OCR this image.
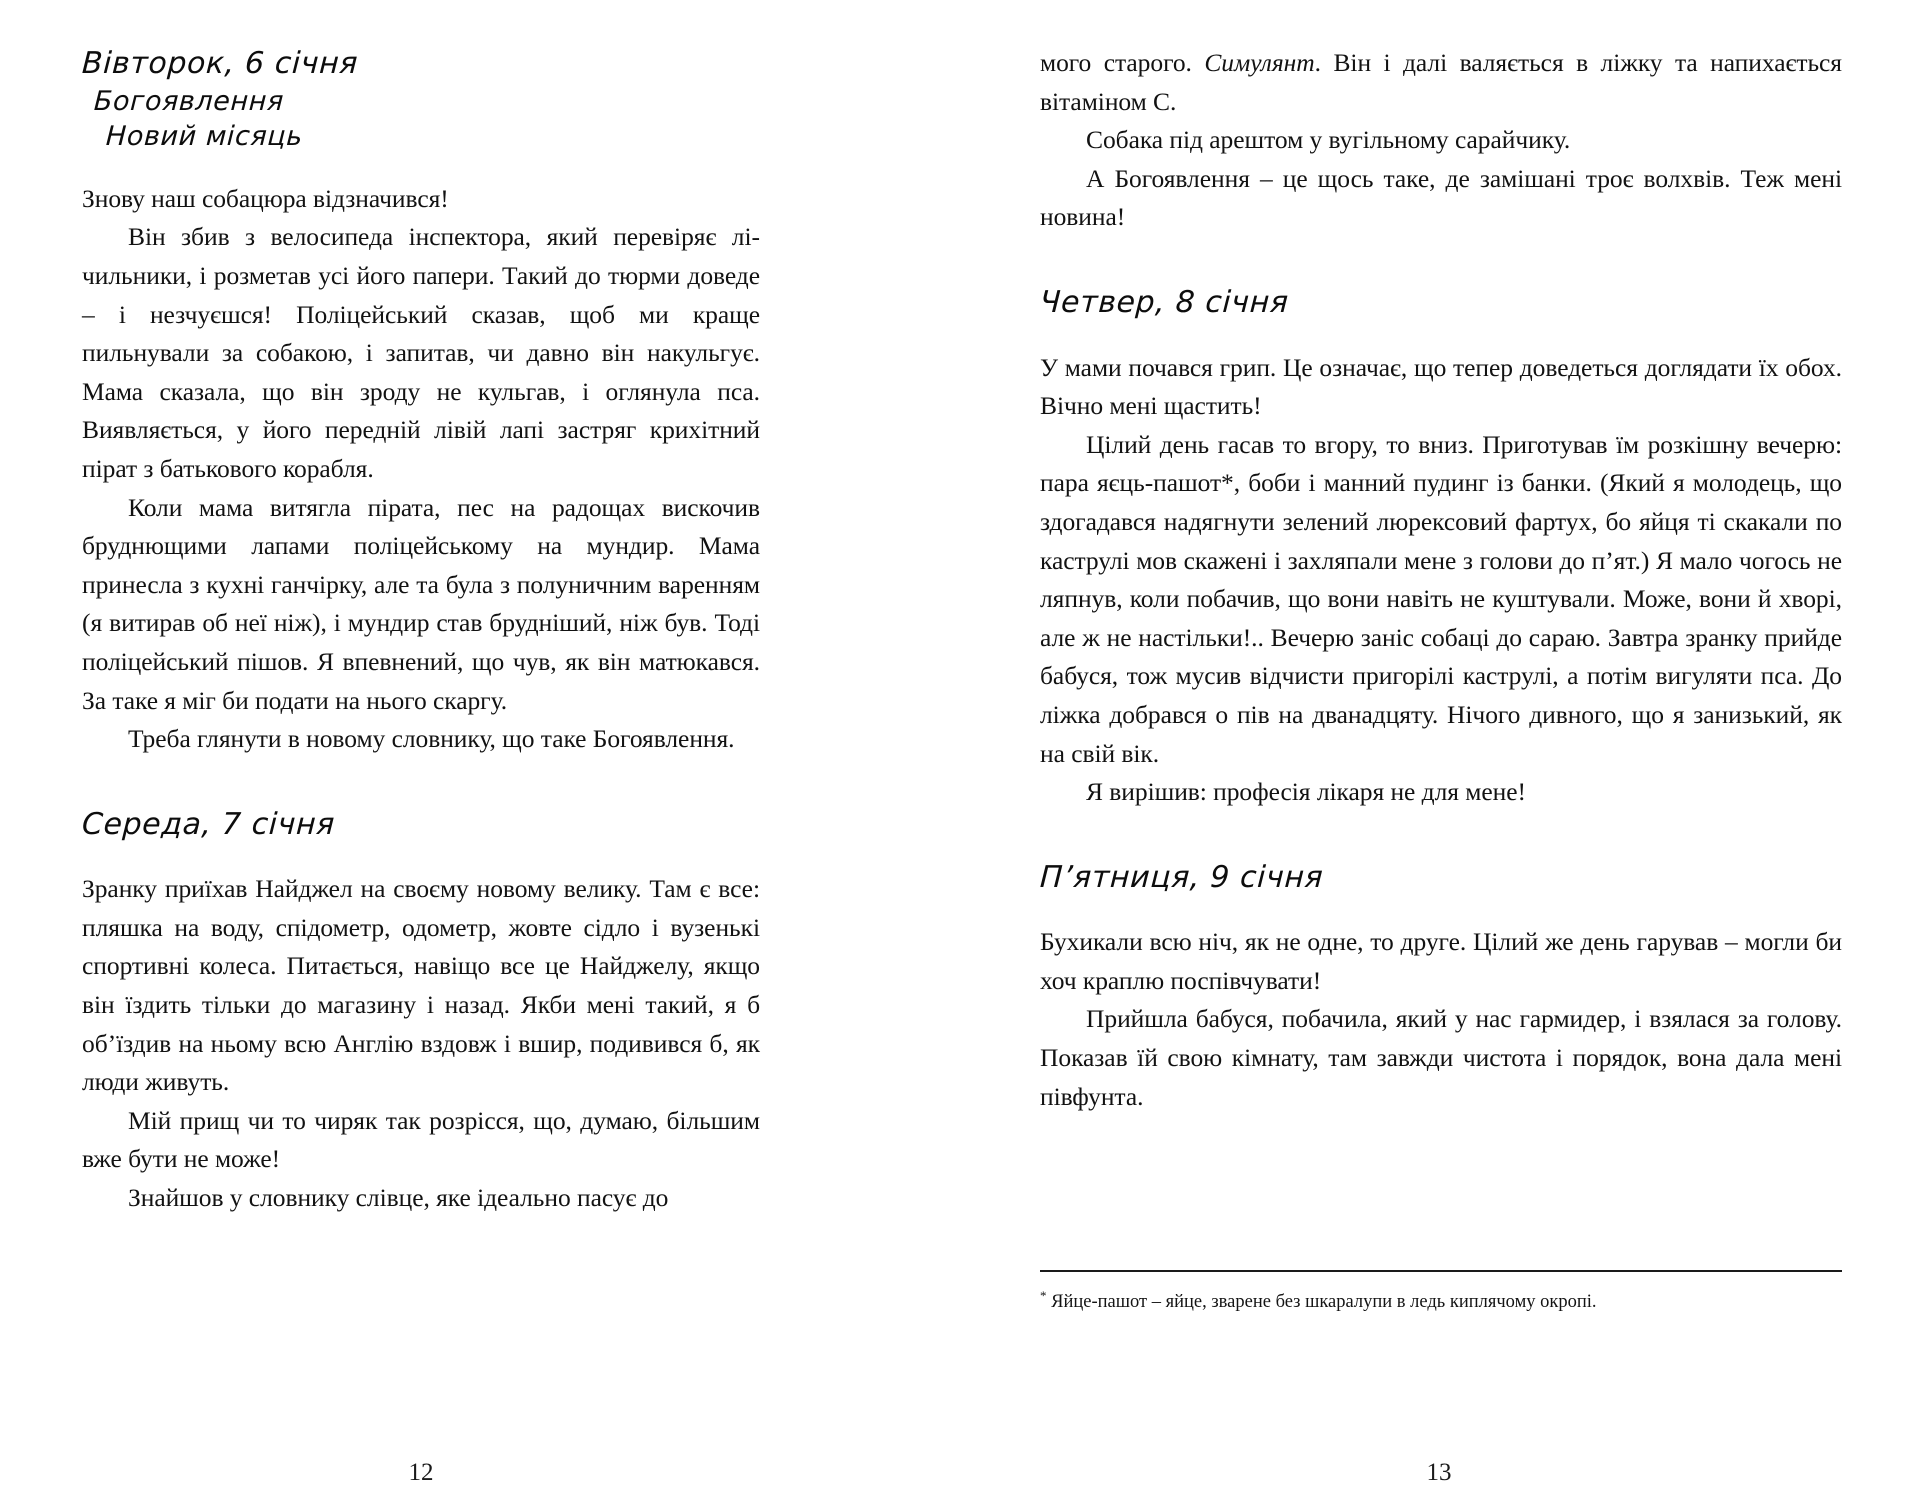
Вівторок, 6 січня
Богоявлення
Новий місяць

Знову наш собацюра відзначився!

Він збив з велосипеда інспектора, який перевіряє лічильники, і розметав усі його папери. Такий до тюрми доведе – і незчуєшся! Поліцейський сказав, щоб ми краще пильнували за собакою, і запитав, чи давно він накульгує. Мама сказала, що він зроду не кульгав, і оглянула пса. Виявляється, у його передній лівій лапі застряг крихітний пірат з батькового корабля.

Коли мама витягла пірата, пес на радощах вискочив бруднющими лапами поліцейському на мундир. Мама принесла з кухні ганчірку, але та була з полуничним варенням (я витирав об неї ніж), і мундир став брудніший, ніж був. Тоді поліцейський пішов. Я впевнений, що чув, як він матюкався. За таке я міг би подати на нього скаргу.

Треба глянути в новому словнику, що таке Богоявлення.

Середа, 7 січня

Зранку приїхав Найджел на своєму новому велику. Там є все: пляшка на воду, спідометр, одометр, жовте сідло і вузенькі спортивні колеса. Питається, навіщо все це Найджелу, якщо він їздить тільки до магазину і назад. Якби мені такий, я б об’їздив на ньому всю Англію вздовж і вшир, подивився б, як люди живуть.

Мій прищ чи то чиряк так розрісся, що, думаю, більшим вже бути не може!

Знайшов у словнику слівце, яке ідеально пасує до

12

мого старого. Симулянт. Він і далі валяється в ліжку та напихається вітаміном С.

Собака під арештом у вугільному сарайчику.

А Богоявлення – це щось таке, де замішані троє волхвів. Теж мені новина!

Четвер, 8 січня

У мами почався грип. Це означає, що тепер доведеться доглядати їх обох. Вічно мені щастить!

Цілий день гасав то вгору, то вниз. Приготував їм розкішну вечерю: пара яєць-пашот*, боби і манний пудинг із банки. (Який я молодець, що здогадався надягнути зелений люрексовий фартух, бо яйця ті скакали по каструлі мов скажені і захляпали мене з голови до п’ят.) Я мало чогось не ляпнув, коли побачив, що вони навіть не куштували. Може, вони й хворі, але ж не настільки!.. Вечерю заніс собаці до сараю. Завтра зранку прийде бабуся, тож мусив відчисти пригорілі каструлі, а потім вигуляти пса. До ліжка добрався о пів на дванадцяту. Нічого дивного, що я занизький, як на свій вік.

Я вирішив: професія лікаря не для мене!

П’ятниця, 9 січня

Бухикали всю ніч, як не одне, то друге. Цілий же день гарував – могли би хоч краплю поспівчувати!

Прийшла бабуся, побачила, який у нас гармидер, і взялася за голову. Показав їй свою кімнату, там завжди чистота і порядок, вона дала мені півфунта.

* Яйце-пашот – яйце, зварене без шкаралупи в ледь киплячому окропі.

13
